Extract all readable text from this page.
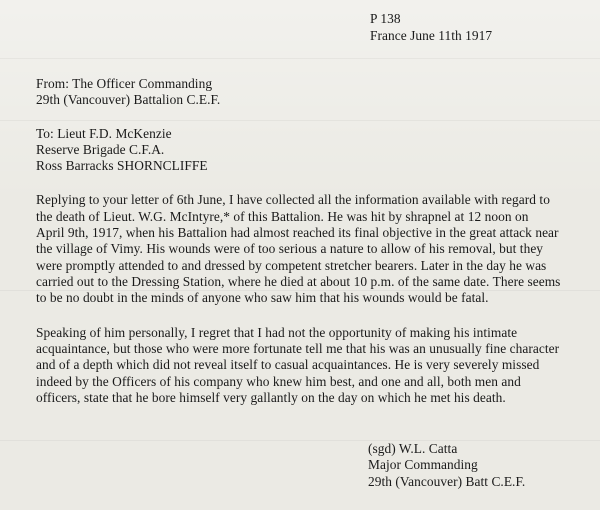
P 138
France June 11th 1917
From: The Officer Commanding
29th (Vancouver) Battalion C.E.F.
To: Lieut F.D. McKenzie
Reserve Brigade C.F.A.
Ross Barracks SHORNCLIFFE
Replying to your letter of 6th June, I have collected all the information available with regard to
the death of Lieut. W.G. McIntyre,* of this Battalion. He was hit by shrapnel at 12 noon on
April 9th, 1917, when his Battalion had almost reached its final objective in the great attack near
the village of Vimy. His wounds were of too serious a nature to allow of his removal, but they
were promptly attended to and dressed by competent stretcher bearers. Later in the day he was
carried out to the Dressing Station, where he died at about 10 p.m. of the same date. There seems
to be no doubt in the minds of anyone who saw him that his wounds would be fatal.
Speaking of him personally, I regret that I had not the opportunity of making his intimate
acquaintance, but those who were more fortunate tell me that his was an unusually fine character
and of a depth which did not reveal itself to casual acquaintances. He is very severely missed
indeed by the Officers of his company who knew him best, and one and all, both men and
officers, state that he bore himself very gallantly on the day on which he met his death.
(sgd) W.L. Catta
Major Commanding
29th (Vancouver) Batt C.E.F.
